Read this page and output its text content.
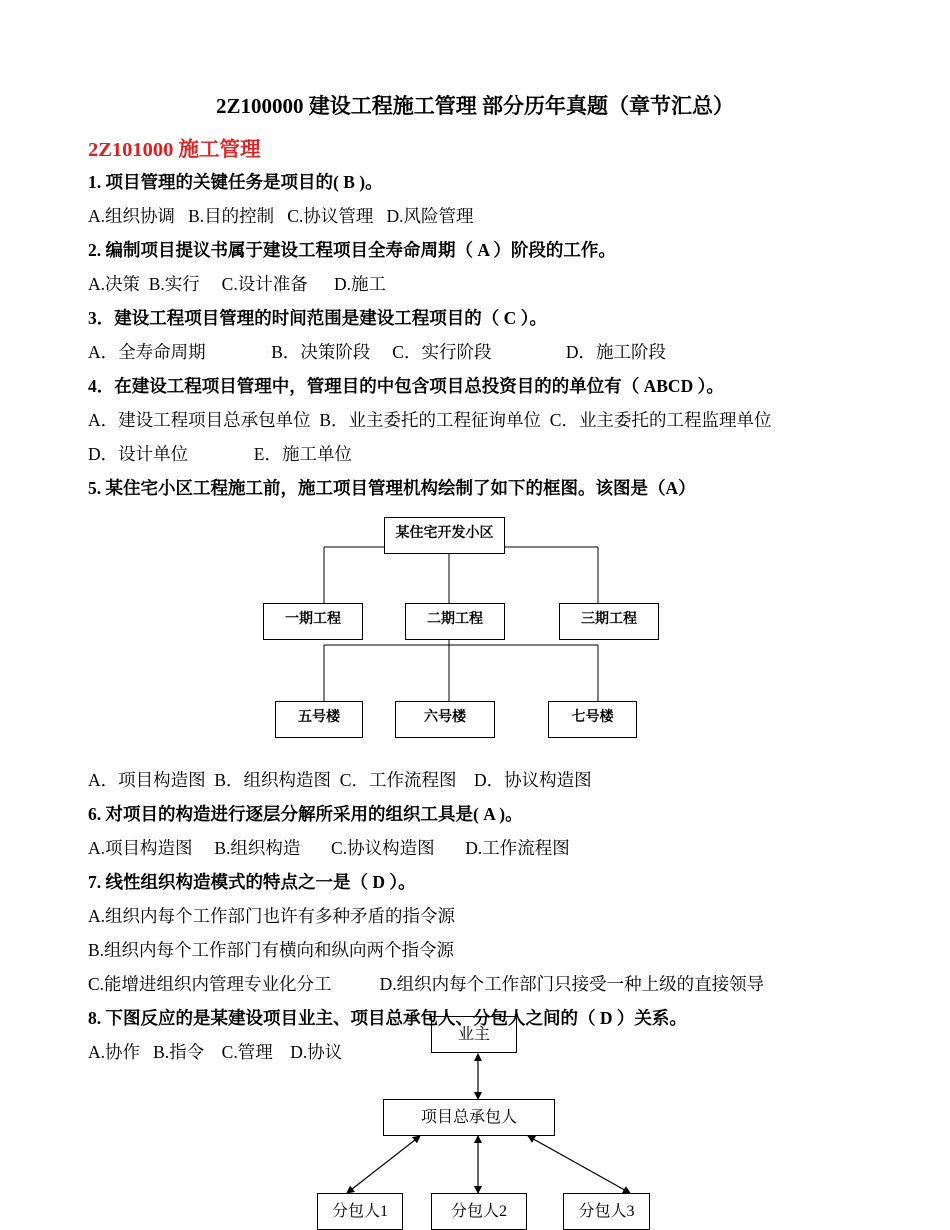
2Z100000 建设工程施工管理 部分历年真题（章节汇总）
2Z101000 施工管理
1. 项目管理的关键任务是项目的( B )。
A.组织协调   B.目的控制   C.协议管理   D.风险管理
2. 编制项目提议书属于建设工程项目全寿命周期（ A ）阶段的工作。
A.决策  B.实行     C.设计准备      D.施工
3．建设工程项目管理的时间范围是建设工程项目的（ C ）。
A．全寿命周期               B．决策阶段     C．实行阶段                 D．施工阶段
4．在建设工程项目管理中，管理目的中包含项目总投资目的的单位有（ ABCD ）。
A．建设工程项目总承包单位  B．业主委托的工程征询单位  C．业主委托的工程监理单位
D．设计单位               E．施工单位
5. 某住宅小区工程施工前，施工项目管理机构绘制了如下的框图。该图是（A）
某住宅开发小区
一期工程	二期工程	三期工程
五号楼	六号楼	七号楼
A．项目构造图  B．组织构造图  C．工作流程图    D．协议构造图
6. 对项目的构造进行逐层分解所采用的组织工具是( A )。
A.项目构造图     B.组织构造       C.协议构造图       D.工作流程图
7. 线性组织构造模式的特点之一是（ D ）。
A.组织内每个工作部门也许有多种矛盾的指令源
B.组织内每个工作部门有横向和纵向两个指令源
C.能增进组织内管理专业化分工           D.组织内每个工作部门只接受一种上级的直接领导
业主
8. 下图反应的是某建设项目业主、项目总承包人、分包人之间的（ D ）关系。
A.协作   B.指令    C.管理    D.协议
项目总承包人
分包人1	分包人2	分包人3
